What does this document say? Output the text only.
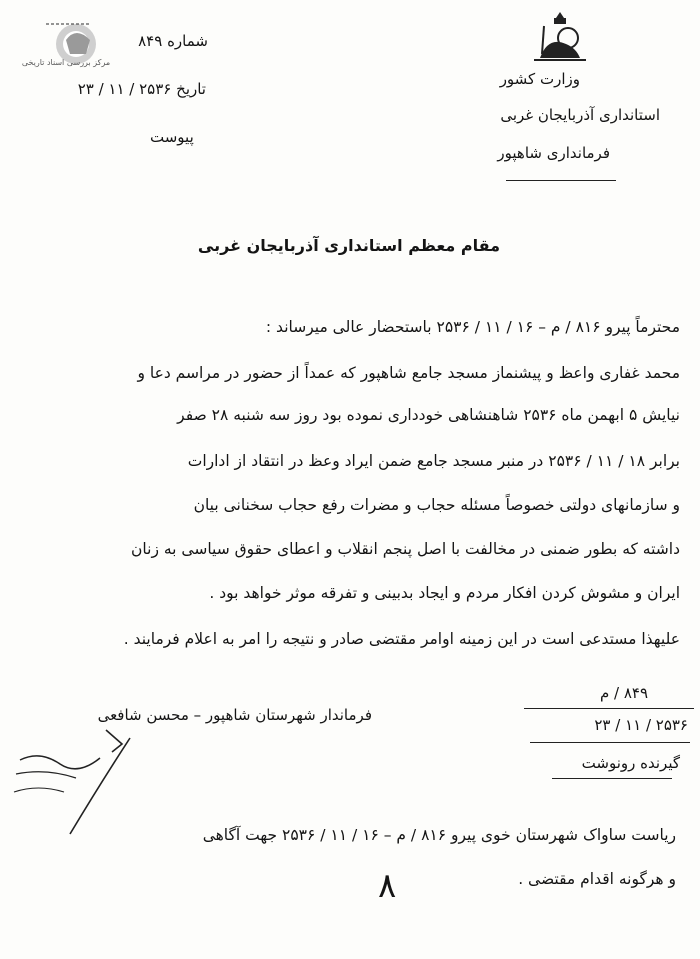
مرکز بررسی اسناد تاریخی
وزارت کشور
استانداری آذربایجان غربی
فرمانداری شاهپور
شماره ۸۴۹
تاریخ ۲۵۳۶ / ۱۱ / ۲۳
پیوست
مقام معظم استانداری آذربایجان غربی
محترماً پیرو ۸۱۶ / م – ۱۶ / ۱۱ / ۲۵۳۶ باستحضار عالی میرساند :
محمد غفاری واعظ و پیشنماز مسجد جامع شاهپور که عمداً از حضور در مراسم دعا و
نیایش ۵ ابهمن ماه ۲۵۳۶ شاهنشاهی خودداری نموده بود روز سه شنبه ۲۸ صفر
برابر ۱۸ / ۱۱ / ۲۵۳۶ در منبر مسجد جامع ضمن ایراد وعظ در انتقاد از ادارات
و سازمانهای دولتی خصوصاً مسئله حجاب و مضرات رفع حجاب سخنانی بیان
داشته که بطور ضمنی در مخالفت با اصل پنجم انقلاب و اعطای حقوق سیاسی به زنان
ایران و مشوش کردن افکار مردم و ایجاد بدبینی و تفرقه موثر خواهد بود .
علیهذا مستدعی است در این زمینه اوامر مقتضی صادر و نتیجه را امر به اعلام فرمایند .
فرماندار شهرستان شاهپور – محسن شافعی
۸۴۹ / م
۲۵۳۶ / ۱۱ / ۲۳
گیرنده رونوشت
ریاست ساواک شهرستان خوی پیرو ۸۱۶ / م – ۱۶ / ۱۱ / ۲۵۳۶ جهت آگاهی
و هرگونه اقدام مقتضی .
۸
